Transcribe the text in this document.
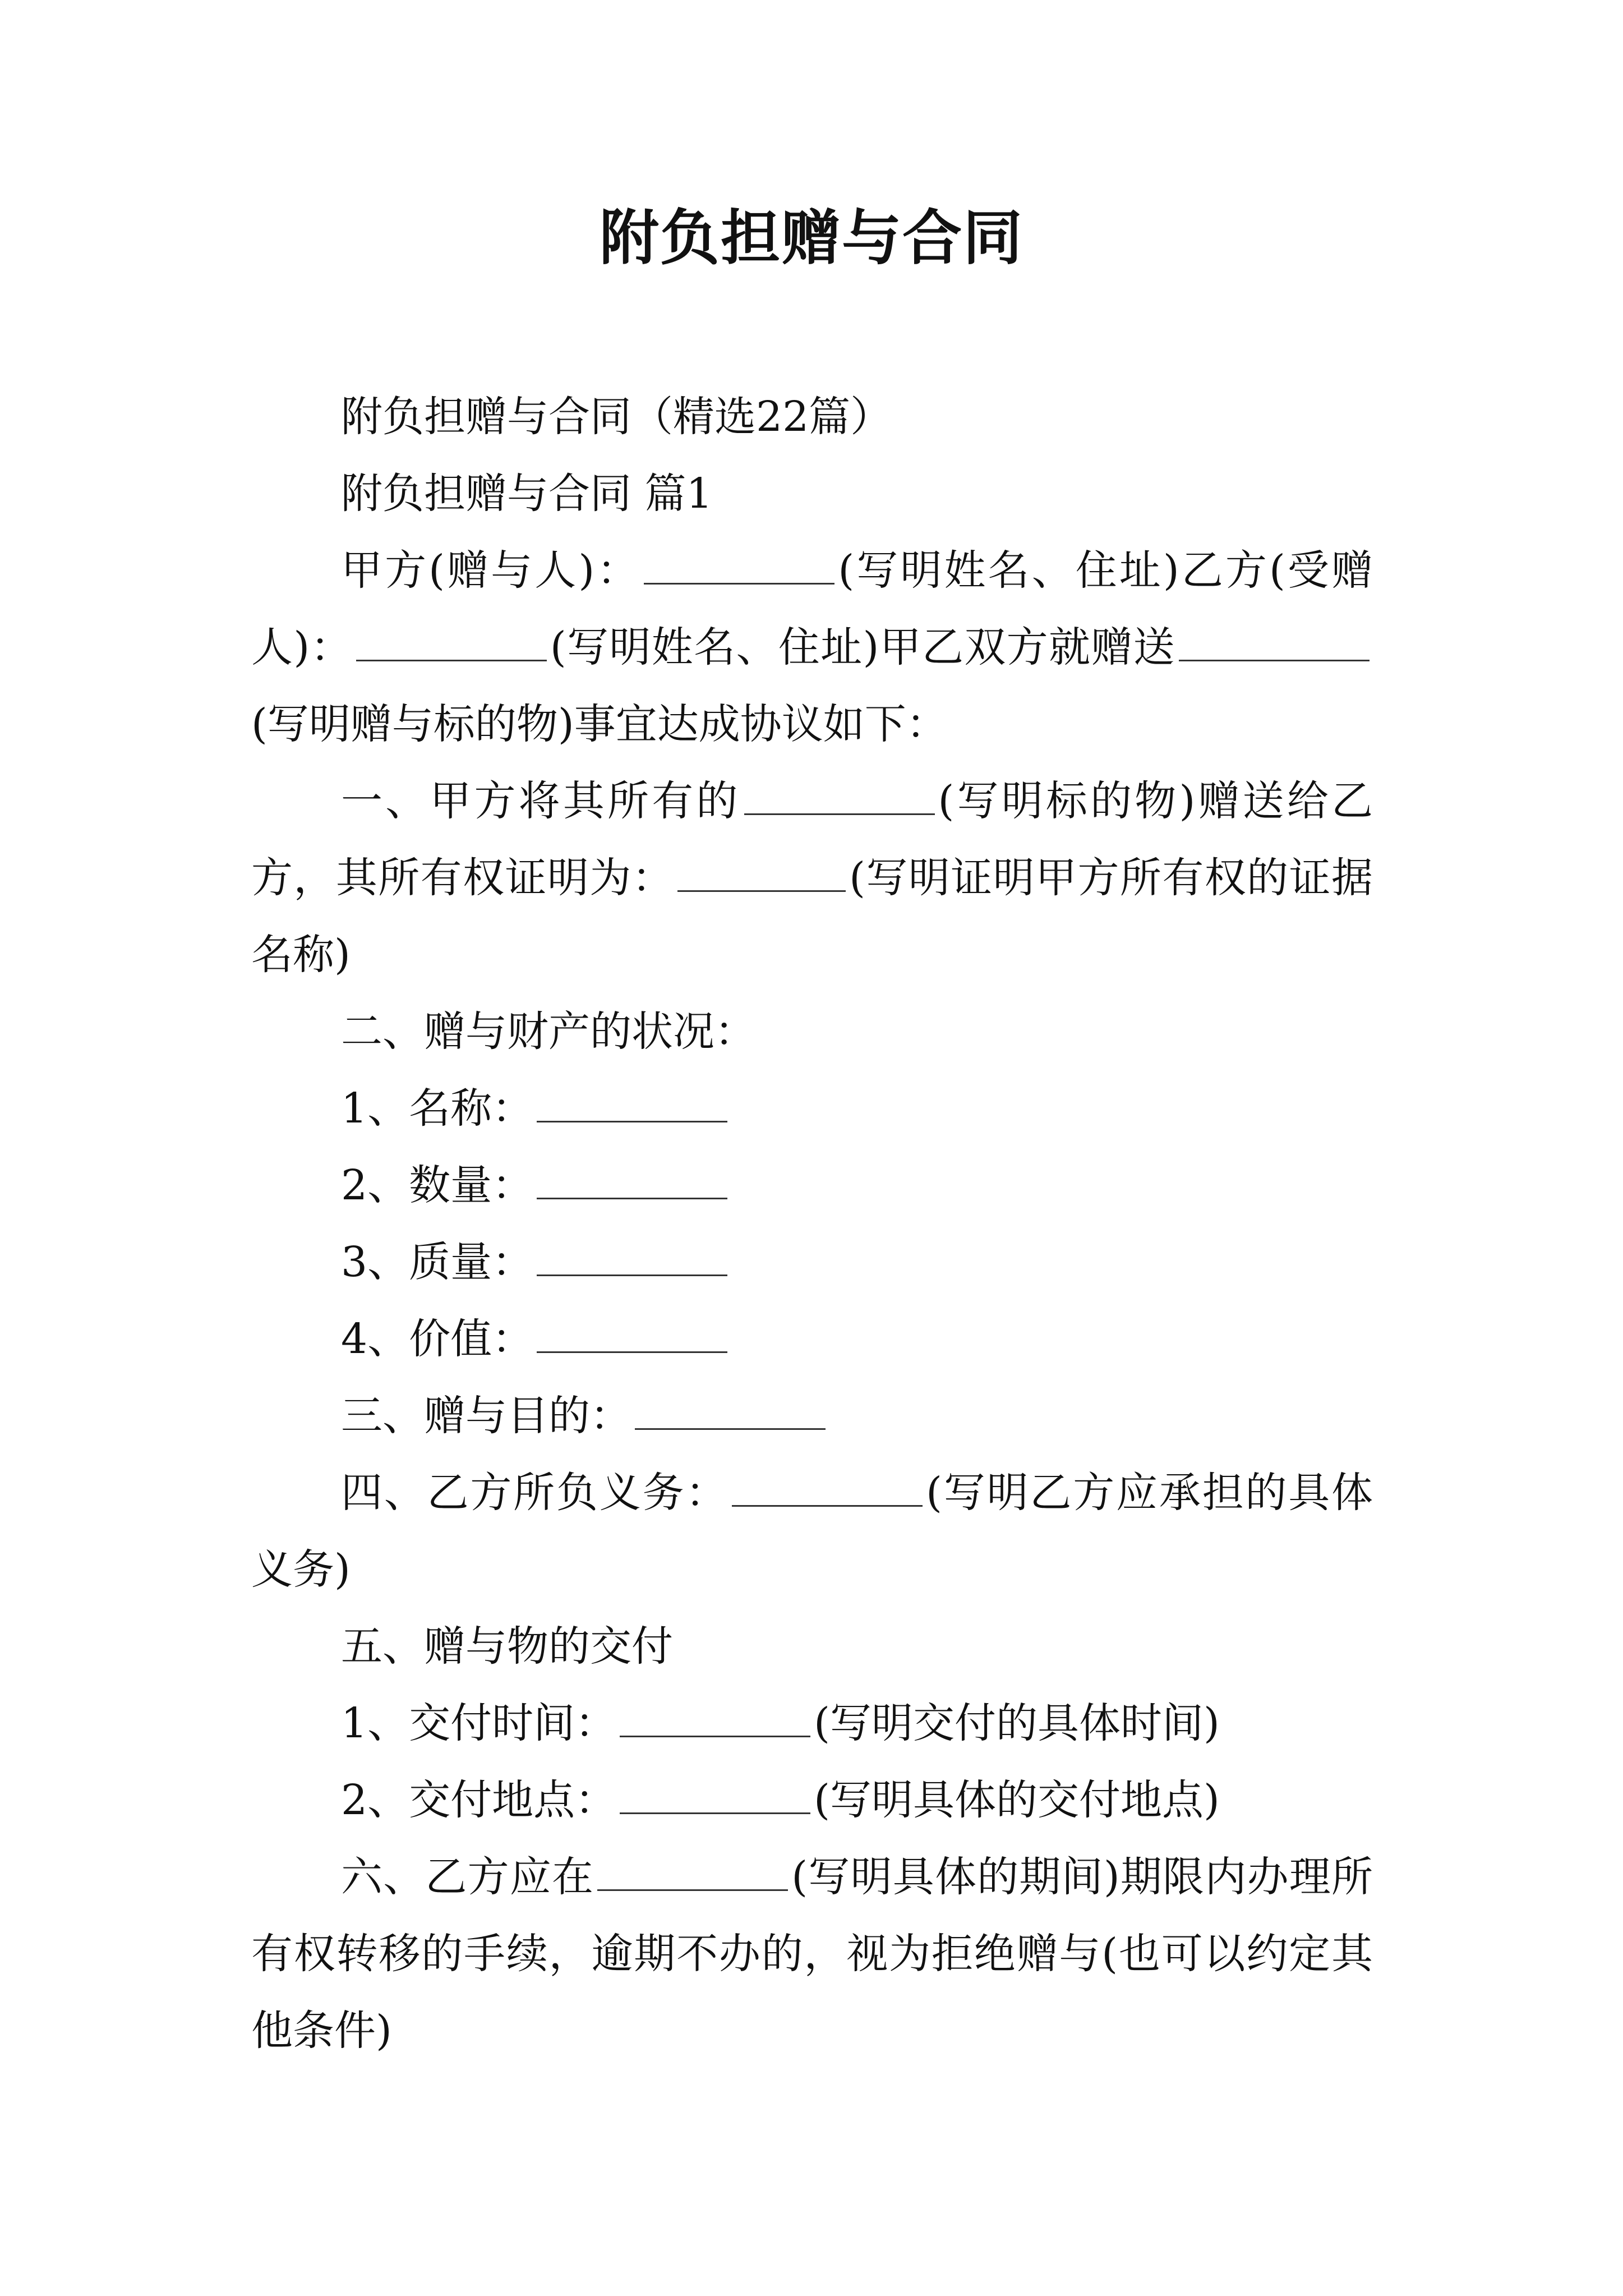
附负担赠与合同

附负担赠与合同（精选22篇）

附负担赠与合同 篇1

甲方(赠与人)：	(写明姓名、住址)乙方(受赠人)：	(写明姓名、住址)甲乙双方就赠送(写明赠与标的物)事宜达成协议如下：

一、甲方将其所有的	(写明标的物)赠送给乙方，其所有权证明为：	(写明证明甲方所有权的证据名称)

二、赠与财产的状况：

1、名称：

2、数量：

3、质量：

4、价值：

三、赠与目的：

四、乙方所负义务：	(写明乙方应承担的具体义务)

五、赠与物的交付

1、交付时间：	(写明交付的具体时间)

2、交付地点：	(写明具体的交付地点)

六、乙方应在	(写明具体的期间)期限内办理所有权转移的手续，逾期不办的，视为拒绝赠与(也可以约定其他条件)
